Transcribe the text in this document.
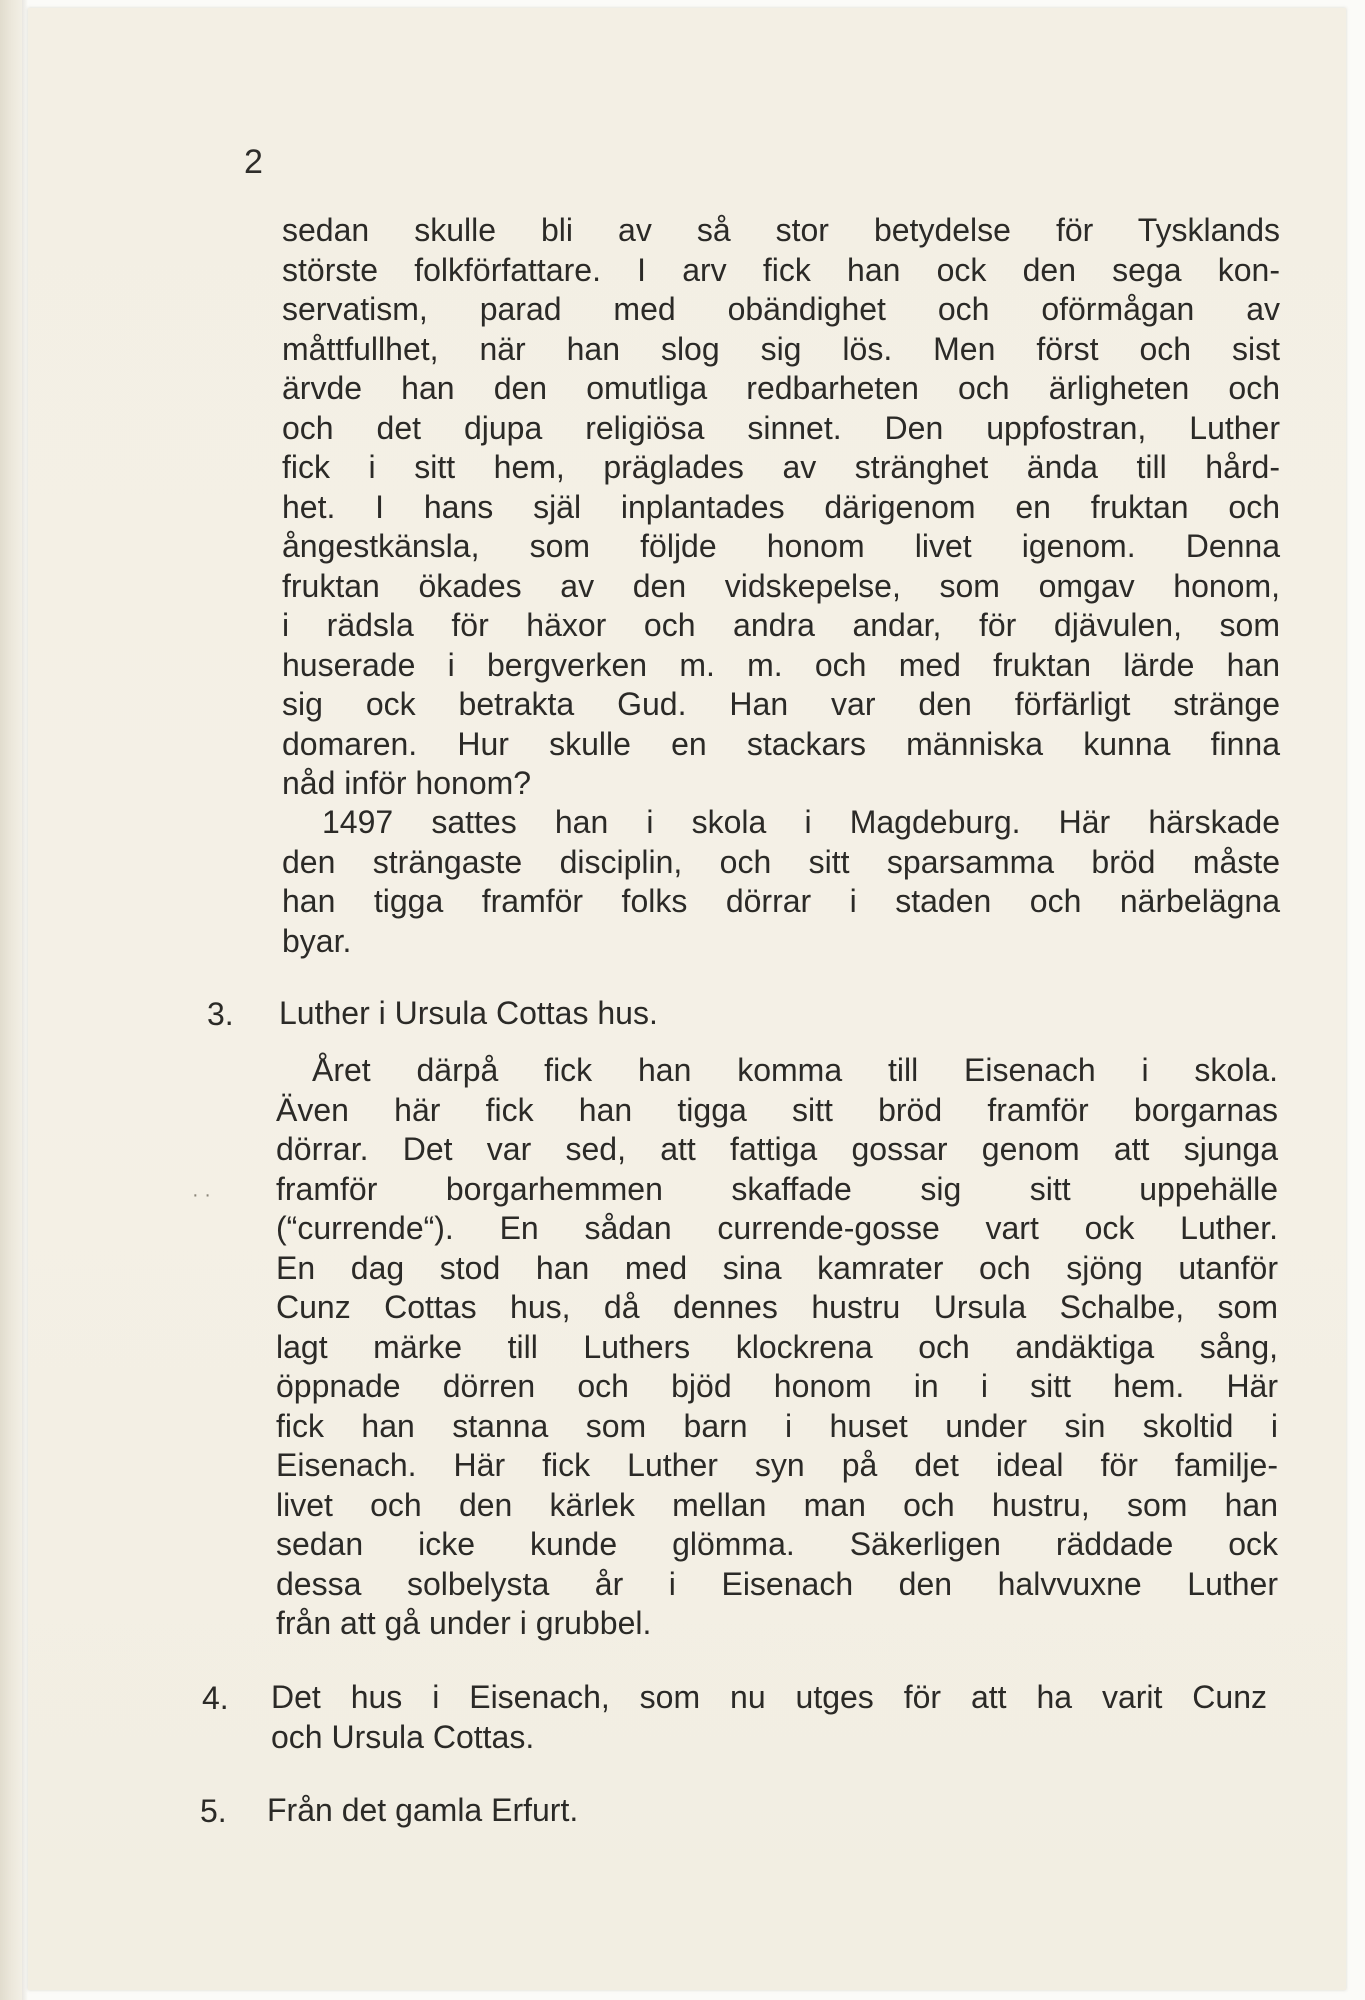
2
sedan skulle bli av så stor betydelse för Tysklands
störste folkförfattare. I arv fick han ock den sega kon-
servatism, parad med obändighet och oförmågan av
måttfullhet, när han slog sig lös. Men först och sist
ärvde han den omutliga redbarheten och ärligheten och
och det djupa religiösa sinnet. Den uppfostran, Luther
fick i sitt hem, präglades av stränghet ända till hård-
het. I hans själ inplantades därigenom en fruktan och
ångestkänsla, som följde honom livet igenom. Denna
fruktan ökades av den vidskepelse, som omgav honom,
i rädsla för häxor och andra andar, för djävulen, som
huserade i bergverken m. m. och med fruktan lärde han
sig ock betrakta Gud. Han var den förfärligt stränge
domaren. Hur skulle en stackars människa kunna finna
nåd inför honom?
1497 sattes han i skola i Magdeburg. Här härskade
den strängaste disciplin, och sitt sparsamma bröd måste
han tigga framför folks dörrar i staden och närbelägna
byar.
3. Luther i Ursula Cottas hus.
· ·
Året därpå fick han komma till Eisenach i skola.
Även här fick han tigga sitt bröd framför borgarnas
dörrar. Det var sed, att fattiga gossar genom att sjunga
framför borgarhemmen skaffade sig sitt uppehälle
(“currende“). En sådan currende-gosse vart ock Luther.
En dag stod han med sina kamrater och sjöng utanför
Cunz Cottas hus, då dennes hustru Ursula Schalbe, som
lagt märke till Luthers klockrena och andäktiga sång,
öppnade dörren och bjöd honom in i sitt hem. Här
fick han stanna som barn i huset under sin skoltid i
Eisenach. Här fick Luther syn på det ideal för familje-
livet och den kärlek mellan man och hustru, som han
sedan icke kunde glömma. Säkerligen räddade ock
dessa solbelysta år i Eisenach den halvvuxne Luther
från att gå under i grubbel.
4. Det hus i Eisenach, som nu utges för att ha varit Cunz
och Ursula Cottas.
5. Från det gamla Erfurt.
